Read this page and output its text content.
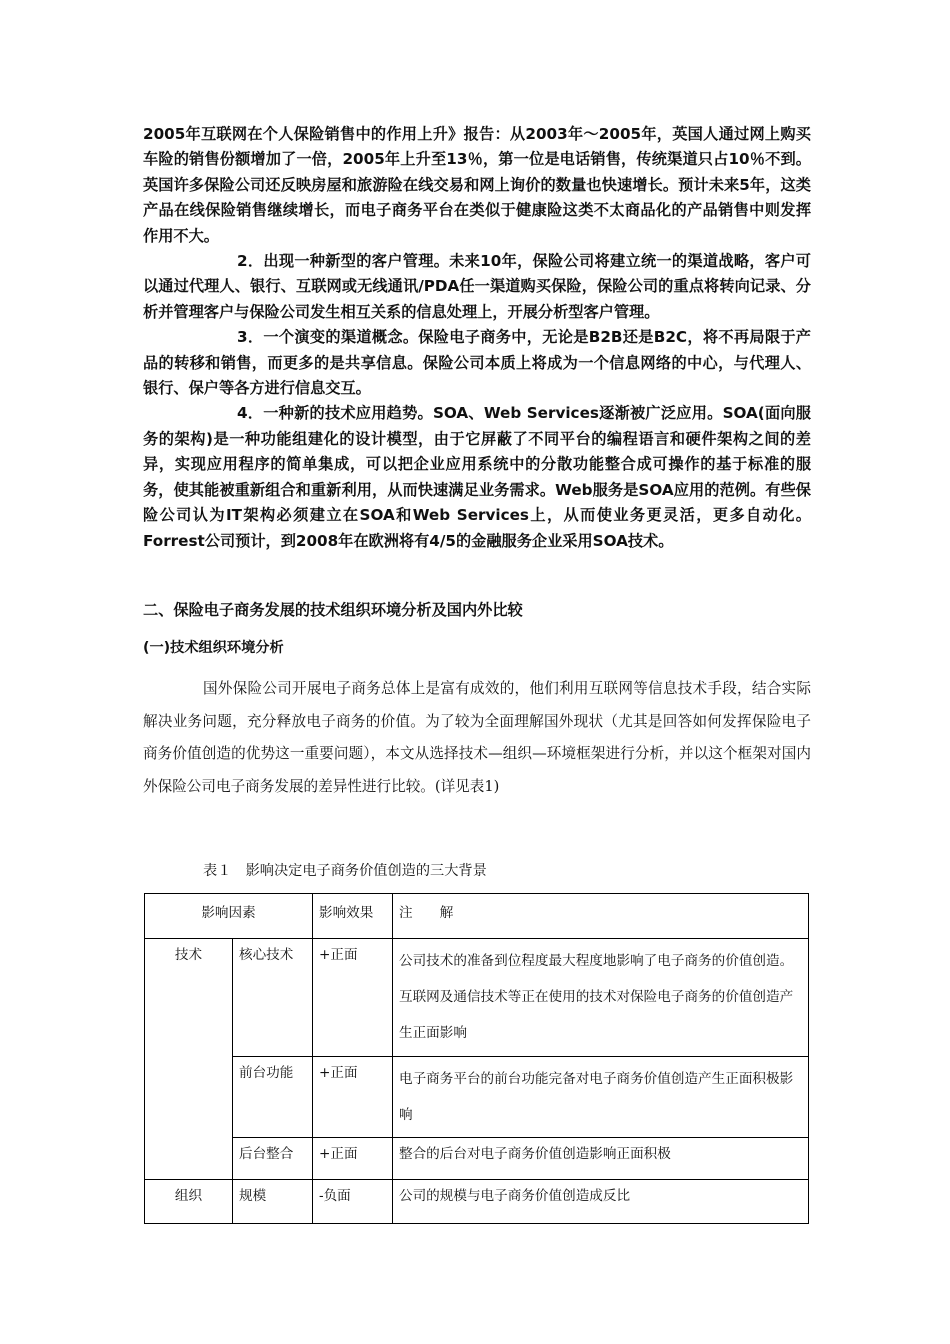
2005年互联网在个人保险销售中的作用上升》报告：从2003年～2005年，英国人通过网上购买车险的销售份额增加了一倍，2005年上升至13％，第一位是电话销售，传统渠道只占10％不到。英国许多保险公司还反映房屋和旅游险在线交易和网上询价的数量也快速增长。预计未来5年，这类产品在线保险销售继续增长，而电子商务平台在类似于健康险这类不太商品化的产品销售中则发挥作用不大。

2．出现一种新型的客户管理。未来10年，保险公司将建立统一的渠道战略，客户可以通过代理人、银行、互联网或无线通讯/PDA任一渠道购买保险，保险公司的重点将转向记录、分析并管理客户与保险公司发生相互关系的信息处理上，开展分析型客户管理。

3．一个演变的渠道概念。保险电子商务中，无论是B2B还是B2C，将不再局限于产品的转移和销售，而更多的是共享信息。保险公司本质上将成为一个信息网络的中心，与代理人、银行、保户等各方进行信息交互。

4．一种新的技术应用趋势。SOA、Web Services逐渐被广泛应用。SOA(面向服务的架构)是一种功能组建化的设计模型，由于它屏蔽了不同平台的编程语言和硬件架构之间的差异，实现应用程序的简单集成，可以把企业应用系统中的分散功能整合成可操作的基于标准的服务，使其能被重新组合和重新利用，从而快速满足业务需求。Web服务是SOA应用的范例。有些保险公司认为IT架构必须建立在SOA和Web Services上，从而使业务更灵活，更多自动化。Forrest公司预计，到2008年在欧洲将有4/5的金融服务企业采用SOA技术。

二、保险电子商务发展的技术组织环境分析及国内外比较
(一)技术组织环境分析

国外保险公司开展电子商务总体上是富有成效的，他们利用互联网等信息技术手段，结合实际解决业务问题，充分释放电子商务的价值。为了较为全面理解国外现状（尤其是回答如何发挥保险电子商务价值创造的优势这一重要问题），本文从选择技术—组织—环境框架进行分析，并以这个框架对国内外保险公司电子商务发展的差异性进行比较。(详见表1)

表１　影响决定电子商务价值创造的三大背景
影响因素		影响效果	注　　解
技术	核心技术	+正面	公司技术的准备到位程度最大程度地影响了电子商务的价值创造。互联网及通信技术等正在使用的技术对保险电子商务的价值创造产生正面影响
	前台功能	+正面	电子商务平台的前台功能完备对电子商务价值创造产生正面积极影响
	后台整合	+正面	整合的后台对电子商务价值创造影响正面积极
组织	规模	-负面	公司的规模与电子商务价值创造成反比
